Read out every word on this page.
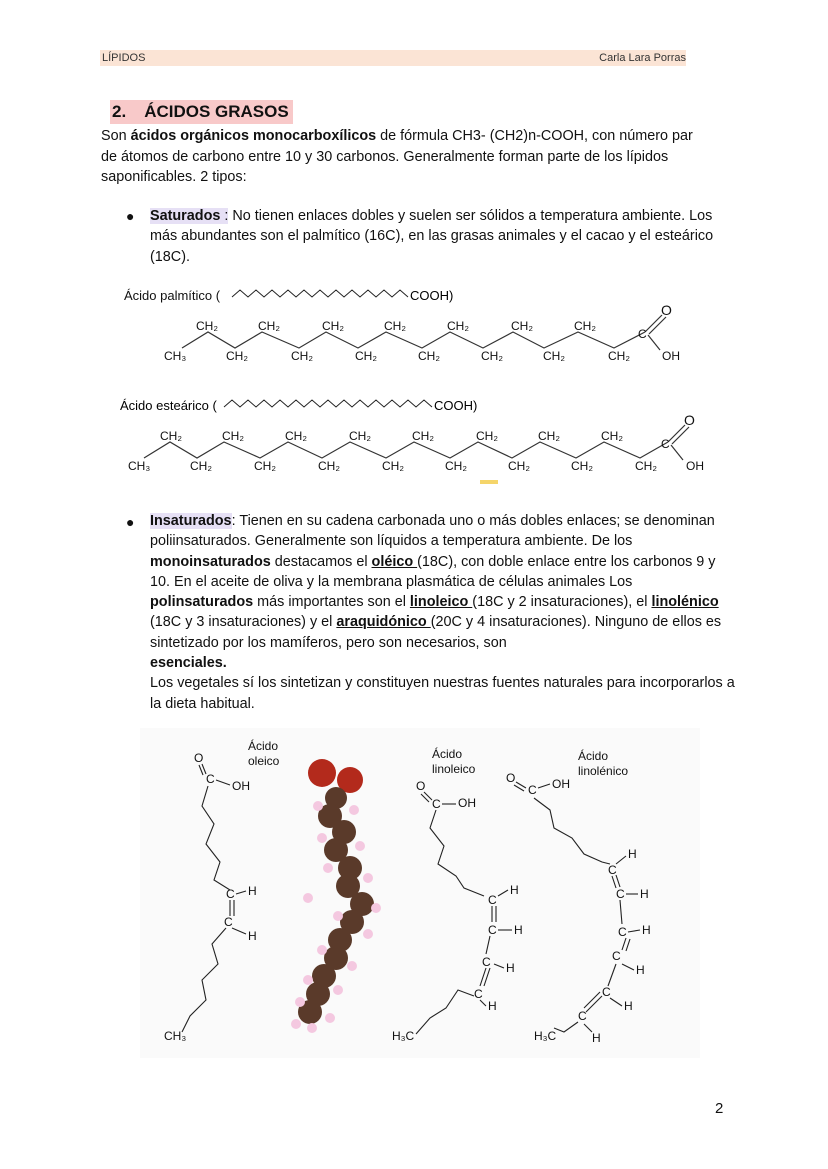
LÍPIDOS	Carla Lara Porras
2. ÁCIDOS GRASOS
Son ácidos orgánicos monocarboxílicos de fórmula CH3- (CH2)n-COOH, con número par de átomos de carbono entre 10 y 30 carbonos. Generalmente forman parte de los lípidos saponificables. 2 tipos:
● Saturados : No tienen enlaces dobles y suelen ser sólidos a temperatura ambiente. Los más abundantes son el palmítico (16C), en las grasas animales y el cacao y el esteárico (18C).
Ácido palmítico (	COOH)
CH₂	CH₂	CH₂	CH₂	CH₂	CH₂	CH₂
CH₃	CH₂	CH₂	CH₂	CH₂	CH₂	CH₂	CH₂
C
O
OH
Ácido esteárico (	COOH)
CH₂	CH₂	CH₂	CH₂	CH₂	CH₂	CH₂	CH₂
CH₃	CH₂	CH₂	CH₂	CH₂	CH₂	CH₂	CH₂	CH₂
C
O
OH
● Insaturados: Tienen en su cadena carbonada uno o más dobles enlaces; se denominan poliinsaturados. Generalmente son líquidos a temperatura ambiente. De los monoinsaturados destacamos el oléico (18C), con doble enlace entre los carbonos 9 y 10. En el aceite de oliva y la membrana plasmática de células animales Los polinsaturados más importantes son el linoleico (18C y 2 insaturaciones), el linolénico (18C y 3 insaturaciones) y el araquidónico (20C y 4 insaturaciones). Ninguno de ellos es sintetizado por los mamíferos, pero son necesarios, son
esenciales.
Los vegetales sí los sintetizan y constituyen nuestras fuentes naturales para incorporarlos a la dieta habitual.
Ácido
oleico
O
C OH
C H
C
H
CH₃
Ácido
linoleico
O
C OH
H
C
C H
C H
C
H
H₃C
Ácido
linolénico
O
C OH
H
C
C H
C H
C
H
C
H
C
H₃C	H
2
